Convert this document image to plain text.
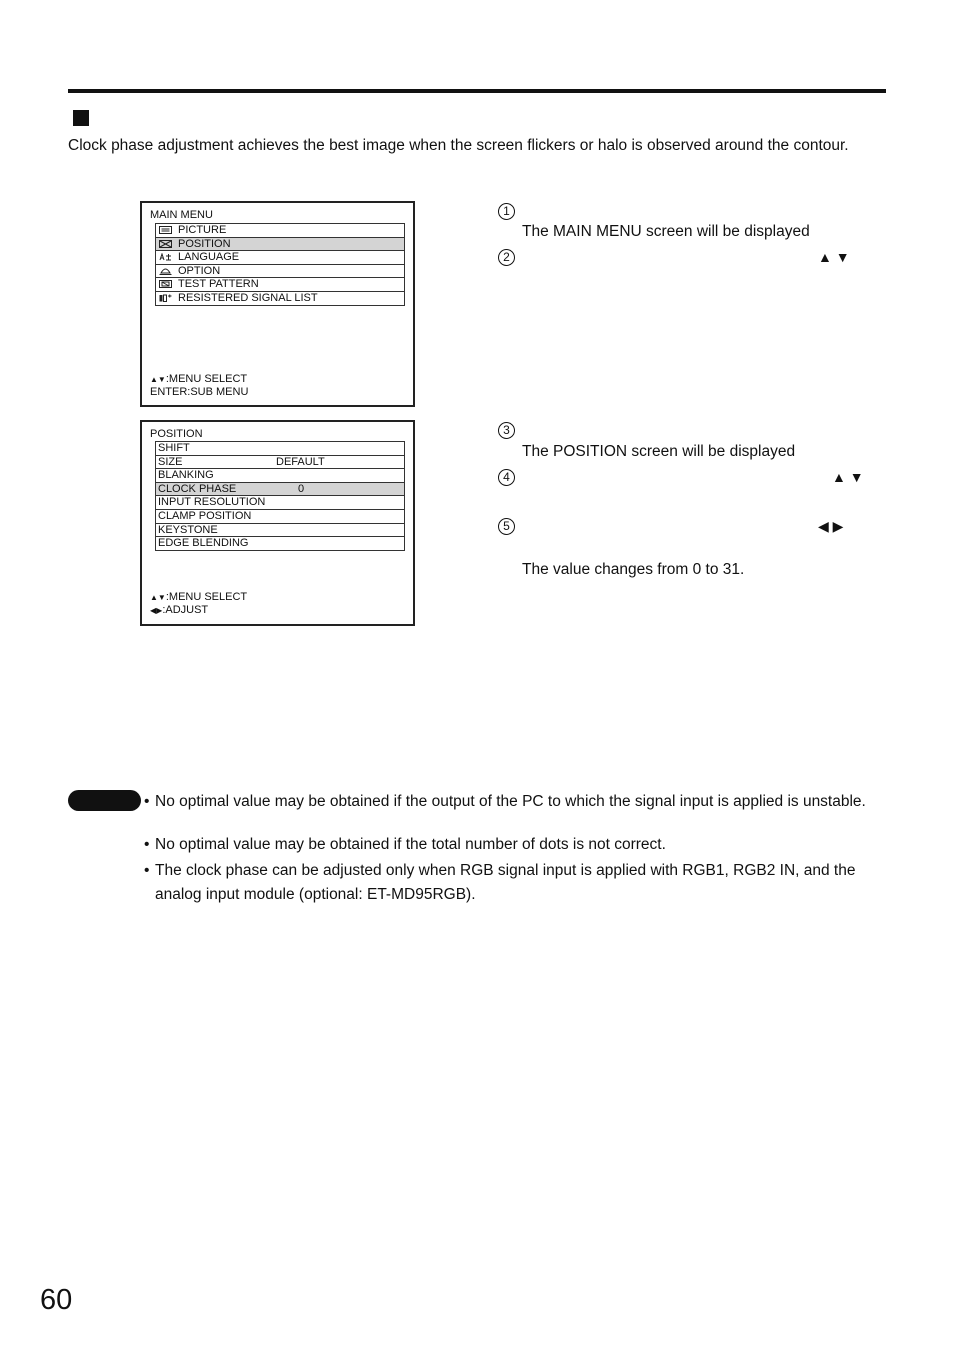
Clock phase adjustment achieves the best image when the screen flickers or halo is observed around the contour.
MAIN MENU
PICTURE
POSITION
LANGUAGE
OPTION
TEST PATTERN
RESISTERED SIGNAL LIST
▲▼:MENU SELECT
ENTER:SUB MENU
POSITION
SHIFT
SIZE	DEFAULT
BLANKING
CLOCK PHASE	0
INPUT RESOLUTION
CLAMP POSITION
KEYSTONE
EDGE BLENDING
▲▼:MENU SELECT
◀▶:ADJUST
1
The MAIN MENU screen will be displayed
2	▲ ▼
3
The POSITION screen will be displayed
4	▲ ▼
5	◀ ▶
The value changes from 0 to 31.
• No optimal value may be obtained if the output of the PC to which the signal input is applied is unstable.
• No optimal value may be obtained if the total number of dots is not correct.
• The clock phase can be adjusted only when RGB signal input is applied with RGB1, RGB2 IN, and the analog input module (optional: ET-MD95RGB).
60
